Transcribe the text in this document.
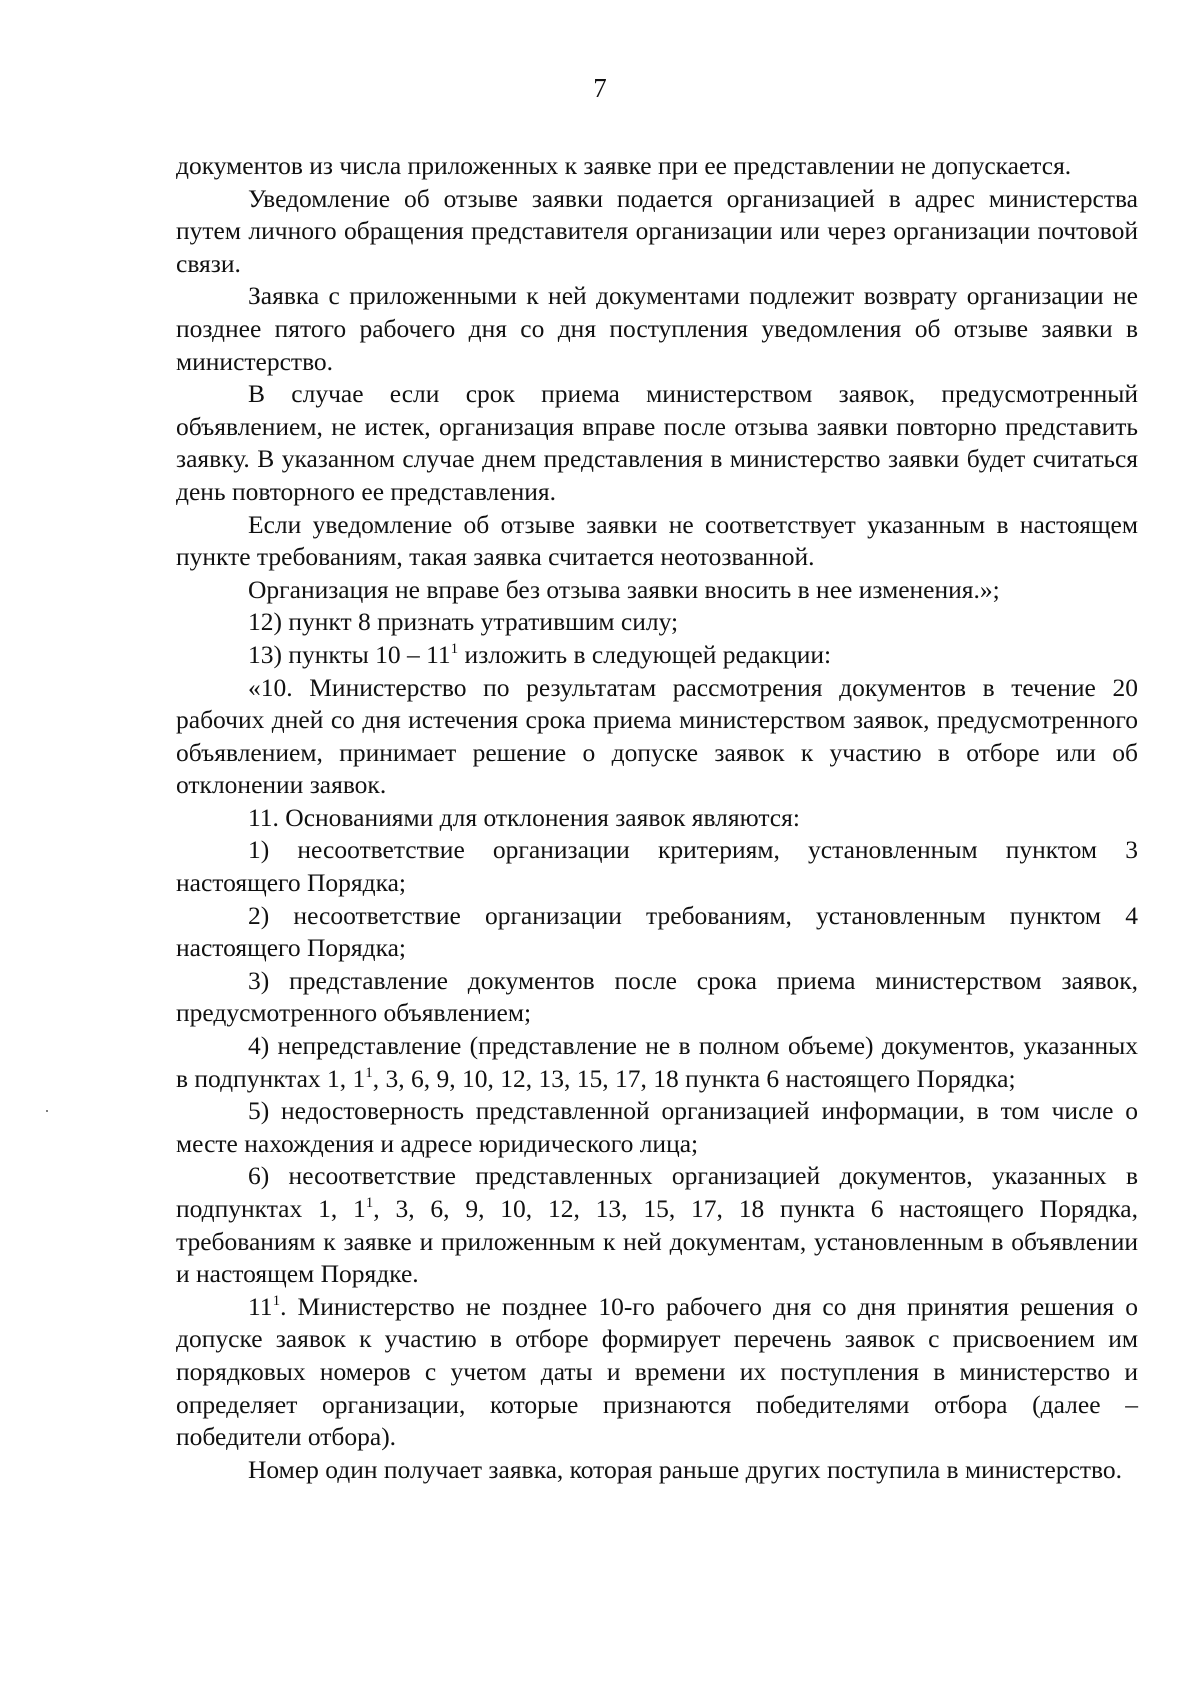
7

документов из числа приложенных к заявке при ее представлении не допускается.

Уведомление об отзыве заявки подается организацией в адрес министерства путем личного обращения представителя организации или через организации почтовой связи.

Заявка с приложенными к ней документами подлежит возврату организации не позднее пятого рабочего дня со дня поступления уведомления об отзыве заявки в министерство.

В случае если срок приема министерством заявок, предусмотренный объявлением, не истек, организация вправе после отзыва заявки повторно представить заявку. В указанном случае днем представления в министерство заявки будет считаться день повторного ее представления.

Если уведомление об отзыве заявки не соответствует указанным в настоящем пункте требованиям, такая заявка считается неотозванной.

Организация не вправе без отзыва заявки вносить в нее изменения.»;

12) пункт 8 признать утратившим силу;

13) пункты $10 - 11^1$ изложить в следующей редакции:

«10. Министерство по результатам рассмотрения документов в течение 20 рабочих дней со дня истечения срока приема министерством заявок, предусмотренного объявлением, принимает решение о допуске заявок к участию в отборе или об отклонении заявок.

11. Основаниями для отклонения заявок являются:

1) несоответствие организации критериям, установленным пунктом 3 настоящего Порядка;

2) несоответствие организации требованиям, установленным пунктом 4 настоящего Порядка;

3) представление документов после срока приема министерством заявок, предусмотренного объявлением;

4) непредставление (представление не в полном объеме) документов, указанных в подпунктах 1, $1^1$, 3, 6, 9, 10, 12, 13, 15, 17, 18 пункта 6 настоящего Порядка;

5) недостоверность представленной организацией информации, в том числе о месте нахождения и адресе юридического лица;

6) несоответствие представленных организацией документов, указанных в подпунктах 1, $1^1$, 3, 6, 9, 10, 12, 13, 15, 17, 18 пункта 6 настоящего Порядка, требованиям к заявке и приложенным к ней документам, установленным в объявлении и настоящем Порядке.

$11^1$. Министерство не позднее 10-го рабочего дня со дня принятия решения о допуске заявок к участию в отборе формирует перечень заявок с присвоением им порядковых номеров с учетом даты и времени их поступления в министерство и определяет организации, которые признаются победителями отбора (далее – победители отбора).

Номер один получает заявка, которая раньше других поступила в министерство.
